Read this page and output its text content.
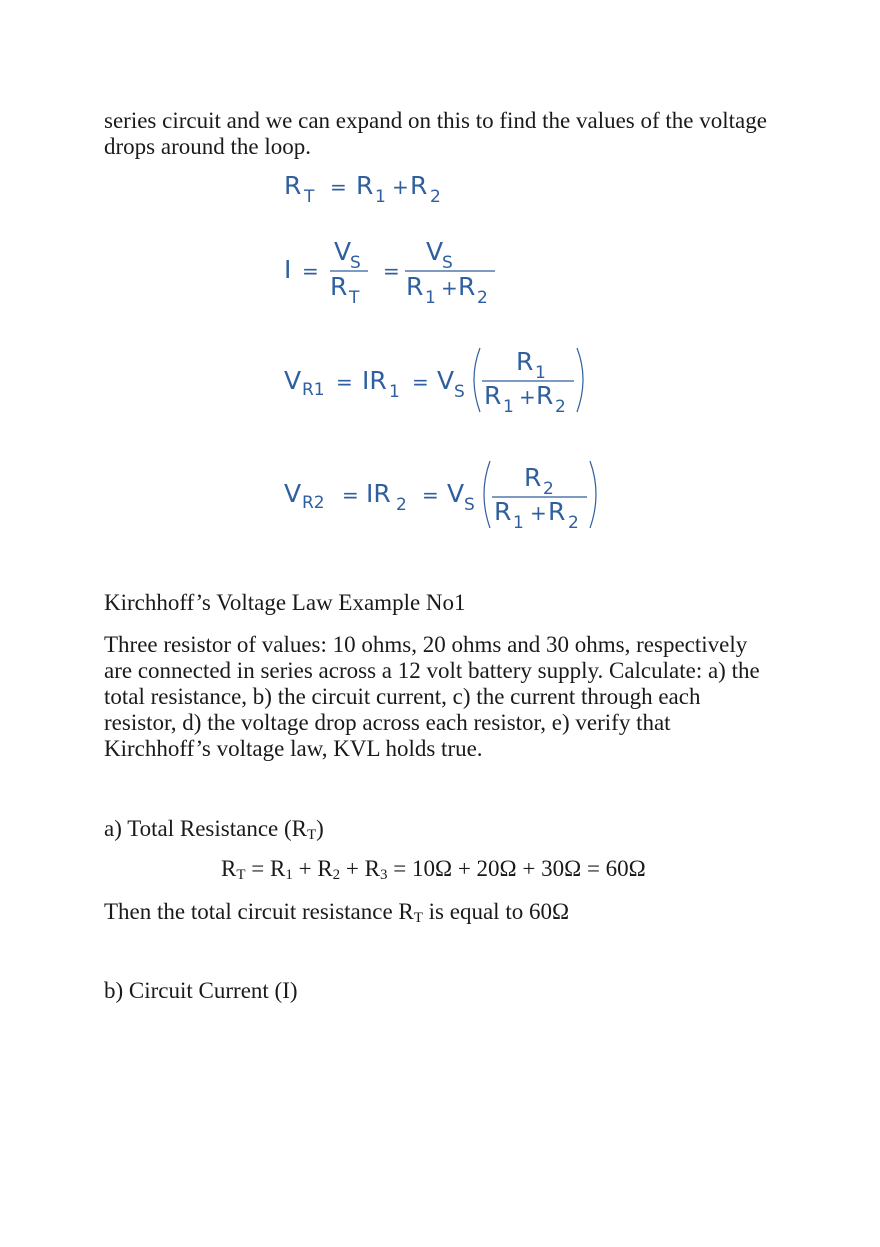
series circuit and we can expand on this to find the values of the voltage
drops around the loop.
R T = R 1 + R 2
I =
V
S
R T
=
V
S
R 1 + R 2
V R1 = IR 1 = V S
R 1
R 1 + R 2
V R2 = IR 2 = V S
R 2
R 1 + R 2
Kirchhoff’s Voltage Law Example No1
Three resistor of values: 10 ohms, 20 ohms and 30 ohms, respectively
are connected in series across a 12 volt battery supply. Calculate: a) the
total resistance, b) the circuit current, c) the current through each
resistor, d) the voltage drop across each resistor, e) verify that
Kirchhoff’s voltage law, KVL holds true.
a) Total Resistance $(R_T)$
$R_T = R_1 + R_2 + R_3 = 10\Omega + 20\Omega + 30\Omega = 60\Omega$
Then the total circuit resistance $R_T$ is equal to 60Ω
b) Circuit Current (I)
